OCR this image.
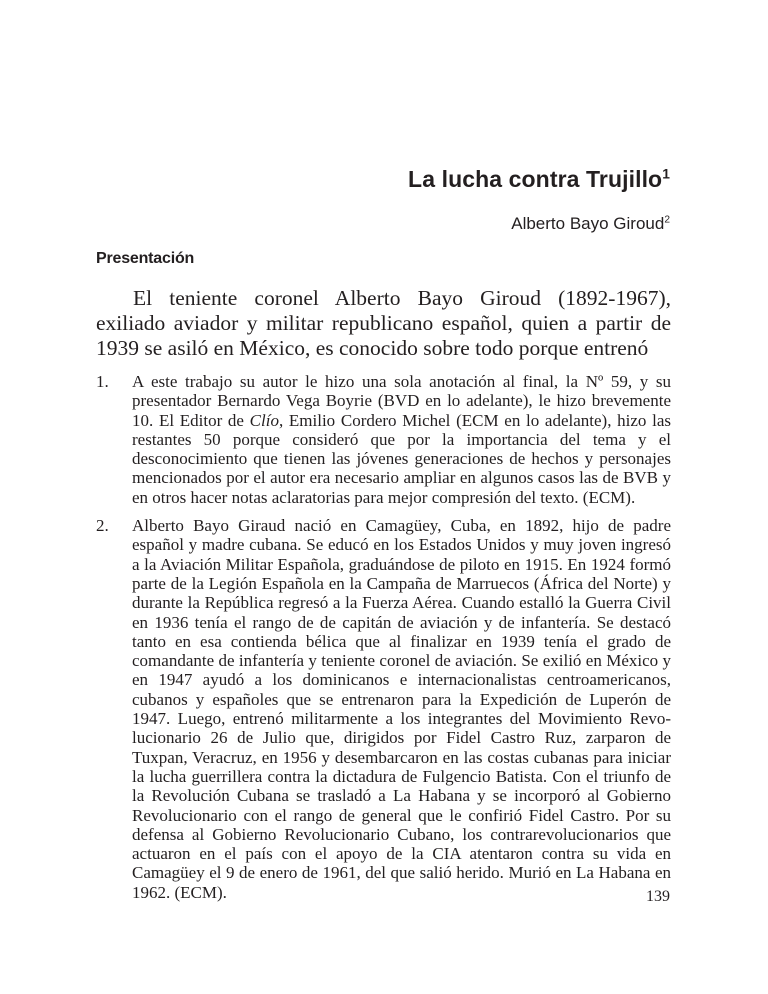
La lucha contra Trujillo$^1$
Alberto Bayo Giroud$^2$
Presentación

El teniente coronel Alberto Bayo Giroud (1892-1967), exiliado aviador y militar republicano español, quien a partir de 1939 se asiló en México, es conocido sobre todo porque entrenó

1. A este trabajo su autor le hizo una sola anotación al final, la Nº 59, y su presentador Bernardo Vega Boyrie (BVD en lo adelante), le hizo brevemente 10. El Editor de Clío, Emilio Cordero Michel (ECM en lo adelante), hizo las restantes 50 porque consideró que por la importancia del tema y el desconocimiento que tienen las jóvenes generaciones de hechos y personajes mencionados por el autor era necesario ampliar en algunos casos las de BVB y en otros hacer notas aclaratorias para mejor compresión del texto. (ECM).

2. Alberto Bayo Giraud nació en Camagüey, Cuba, en 1892, hijo de padre español y madre cubana. Se educó en los Estados Unidos y muy joven ingresó a la Aviación Militar Española, graduándose de piloto en 1915. En 1924 formó parte de la Legión Española en la Campaña de Marruecos (África del Norte) y durante la República regresó a la Fuerza Aérea. Cuando estalló la Guerra Civil en 1936 tenía el rango de de capitán de aviación y de infantería. Se destacó tanto en esa contienda bélica que al finalizar en 1939 tenía el grado de comandante de infantería y teniente coronel de aviación. Se exilió en México y en 1947 ayudó a los dominicanos e internacionalistas centroamericanos, cubanos y españoles que se entrenaron para la Expedición de Luperón de 1947. Luego, entrenó militarmente a los integrantes del Movimiento Revolucionario 26 de Julio que, dirigidos por Fidel Castro Ruz, zarparon de Tuxpan, Veracruz, en 1956 y desembarcaron en las costas cubanas para iniciar la lucha guerrillera contra la dictadura de Fulgencio Batista. Con el triunfo de la Revolución Cubana se trasladó a La Habana y se incorporó al Gobierno Revolucionario con el rango de general que le confirió Fidel Castro. Por su defensa al Gobierno Revolucionario Cubano, los contrarevolucionarios que actuaron en el país con el apoyo de la CIA atentaron contra su vida en Camagüey el 9 de enero de 1961, del que salió herido. Murió en La Habana en 1962. (ECM).	139
